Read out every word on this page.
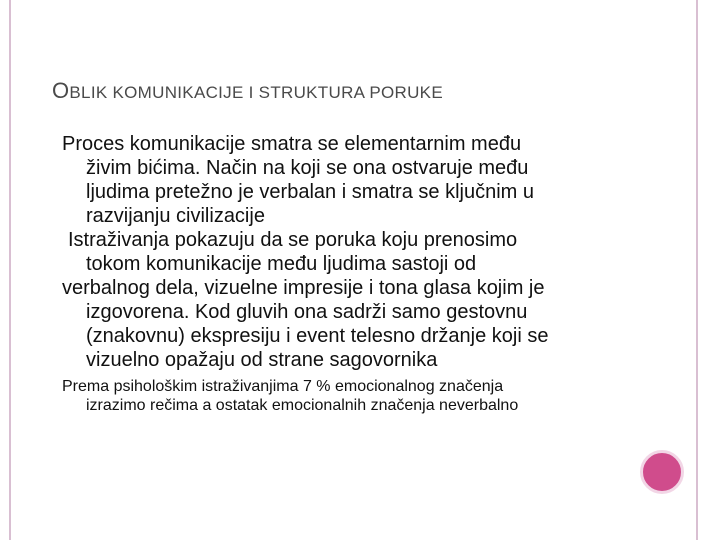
OBLIK KOMUNIKACIJE I STRUKTURA PORUKE

Proces komunikacije smatra se elementarnim među
živim bićima. Način na koji se ona ostvaruje među
ljudima pretežno je verbalan i smatra se ključnim u
razvijanju civilizacije

Istraživanja pokazuju da se poruka koju prenosimo
tokom komunikacije među ljudima sastoji od
verbalnog dela, vizuelne impresije i tona glasa kojim je
izgovorena. Kod gluvih ona sadrži samo gestovnu
(znakovnu) ekspresiju i event telesno držanje koji se
vizuelno opažaju od strane sagovornika

Prema psihološkim istraživanjima 7 % emocionalnog značenja
izrazimo rečima a ostatak emocionalnih značenja neverbalno
